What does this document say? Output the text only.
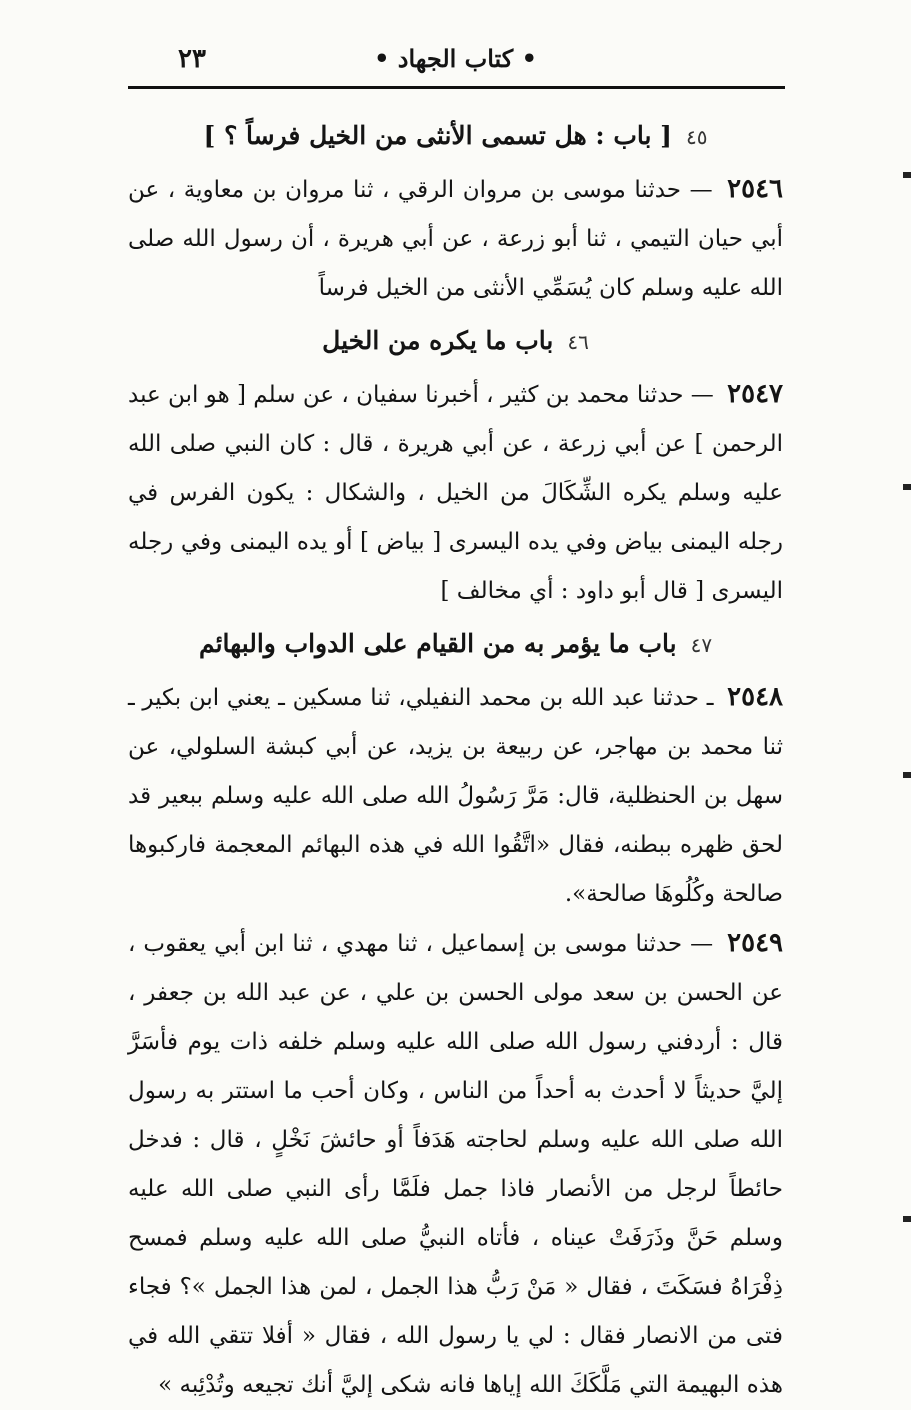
٢٣	• كتاب الجهاد •
٤٥
[ باب : هل تسمى الأنثى من الخيل فرساً ؟ ]

٢٥٤٦ — حدثنا موسى بن مروان الرقي ، ثنا مروان بن معاوية ، عن أبي حيان التيمي ، ثنا أبو زرعة ، عن أبي هريرة ، أن رسول الله صلى الله عليه وسلم كان يُسَمِّي الأنثى من الخيل فرساً

٤٦
باب ما يكره من الخيل

٢٥٤٧ — حدثنا محمد بن كثير ، أخبرنا سفيان ، عن سلم [ هو ابن عبد الرحمن ] عن أبي زرعة ، عن أبي هريرة ، قال : كان النبي صلى الله عليه وسلم يكره الشِّكَالَ من الخيل ، والشكال : يكون الفرس في رجله اليمنى بياض وفي يده اليسرى [ بياض ] أو يده اليمنى وفي رجله اليسرى [ قال أبو داود : أي مخالف ]

٤٧
باب ما يؤمر به من القيام على الدواب والبهائم

٢٥٤٨ ـ حدثنا عبد الله بن محمد النفيلي، ثنا مسكين ـ يعني ابن بكير ـ ثنا محمد بن مهاجر، عن ربيعة بن يزيد، عن أبي كبشة السلولي، عن سهل بن الحنظلية، قال: مَرَّ رَسُولُ الله صلى الله عليه وسلم ببعير قد لحق ظهره ببطنه، فقال «اتَّقُوا الله في هذه البهائم المعجمة فاركبوها صالحة وكُلُوهَا صالحة».

٢٥٤٩ — حدثنا موسى بن إسماعيل ، ثنا مهدي ، ثنا ابن أبي يعقوب ، عن الحسن بن سعد مولى الحسن بن علي ، عن عبد الله بن جعفر ، قال : أردفني رسول الله صلى الله عليه وسلم خلفه ذات يوم فأسَرَّ إليَّ حديثاً لا أحدث به أحداً من الناس ، وكان أحب ما استتر به رسول الله صلى الله عليه وسلم لحاجته هَدَفاً أو حائشَ نَخْلٍ ، قال : فدخل حائطاً لرجل من الأنصار فاذا جمل فلَمَّا رأى النبي صلى الله عليه وسلم حَنَّ وذَرَفَتْ عيناه ، فأتاه النبيُّ صلى الله عليه وسلم فمسح ذِفْرَاهُ فسَكَتَ ، فقال « مَنْ رَبُّ هذا الجمل ، لمن هذا الجمل »؟ فجاء فتى من الانصار فقال : لي يا رسول الله ، فقال « أفلا تتقي الله في هذه البهيمة التي مَلَّكَكَ الله إياها فانه شكى إليَّ أنك تجيعه وتُدْئِبه »
